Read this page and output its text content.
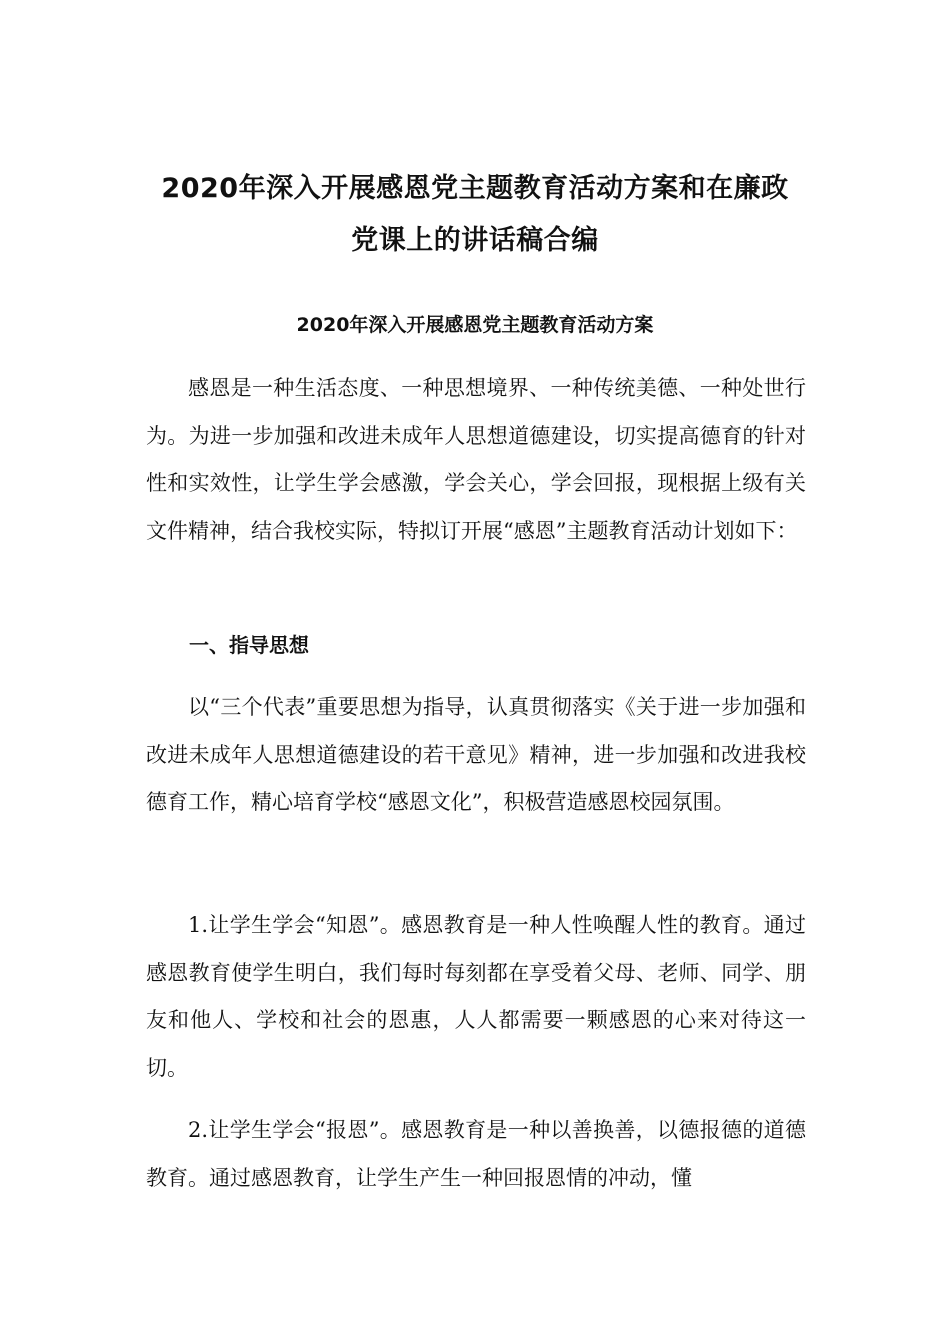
2020年深入开展感恩党主题教育活动方案和在廉政
党课上的讲话稿合编
2020年深入开展感恩党主题教育活动方案

感恩是一种生活态度、一种思想境界、一种传统美德、一种处世行为。为进一步加强和改进未成年人思想道德建设，切实提高德育的针对性和实效性，让学生学会感激，学会关心，学会回报，现根据上级有关文件精神，结合我校实际，特拟订开展“感恩”主题教育活动计划如下：

一、指导思想

以“三个代表”重要思想为指导，认真贯彻落实《关于进一步加强和改进未成年人思想道德建设的若干意见》精神，进一步加强和改进我校德育工作，精心培育学校“感恩文化”，积极营造感恩校园氛围。

1.让学生学会“知恩”。感恩教育是一种人性唤醒人性的教育。通过感恩教育使学生明白，我们每时每刻都在享受着父母、老师、同学、朋友和他人、学校和社会的恩惠，人人都需要一颗感恩的心来对待这一切。

2.让学生学会“报恩”。感恩教育是一种以善换善，以德报德的道德教育。通过感恩教育，让学生产生一种回报恩情的冲动，懂
